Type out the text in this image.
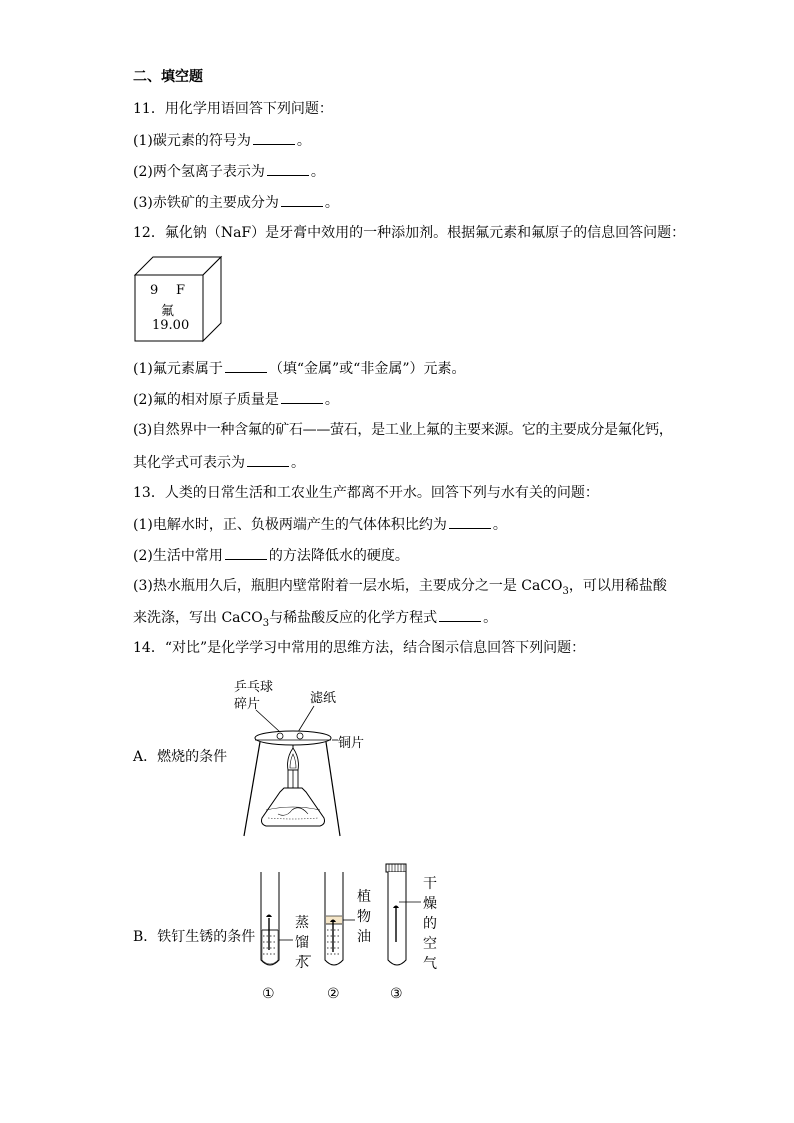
二、填空题
11．用化学用语回答下列问题：
(1)碳元素的符号为	。
(2)两个氢离子表示为	。
(3)赤铁矿的主要成分为	。
12．氟化钠（NaF）是牙膏中效用的一种添加剂。根据氟元素和氟原子的信息回答问题：
9 F
氟
19.00
(1)氟元素属于	（填“金属”或“非金属”）元素。
(2)氟的相对原子质量是	。
(3)自然界中一种含氟的矿石——萤石，是工业上氟的主要来源。它的主要成分是氟化钙，
其化学式可表示为	。
13．人类的日常生活和工农业生产都离不开水。回答下列与水有关的问题：
(1)电解水时，正、负极两端产生的气体体积比约为	。
(2)生活中常用	的方法降低水的硬度。
(3)热水瓶用久后，瓶胆内壁常附着一层水垢，主要成分之一是 CaCO$_3$，可以用稀盐酸
来洗涤，写出 CaCO$_3$与稀盐酸反应的化学方程式	。
14．“对比”是化学学习中常用的思维方法，结合图示信息回答下列问题：
A．燃烧的条件
乒乓球
碎片	滤纸
铜片
B．铁钉生锈的条件
蒸
馏
水
植
物
油
干
燥
的
空
气
①	②	③
